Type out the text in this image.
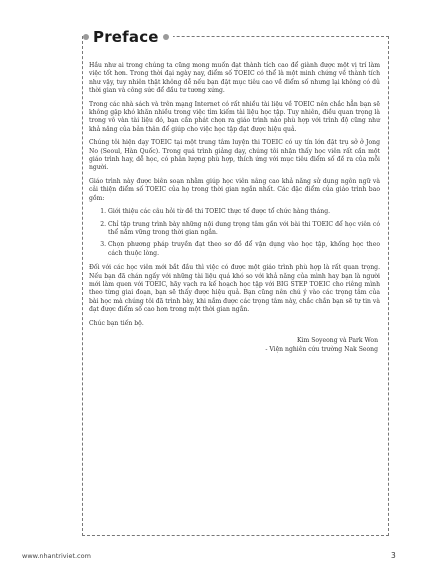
Preface

Hầu như ai trong chúng ta cũng mong muốn đạt thành tích cao để giành được một vị trí làm việc tốt hơn. Trong thời đại ngày nay, điểm số TOEIC có thể là một minh chứng về thành tích như vậy, tuy nhiên thật không dễ nếu bạn đặt mục tiêu cao về điểm số nhưng lại không có đủ thời gian và công sức để đầu tư tương xứng.

Trong các nhà sách và trên mạng Internet có rất nhiều tài liệu về TOEIC nên chắc hẳn bạn sẽ không gặp khó khăn nhiều trong việc tìm kiếm tài liệu học tập. Tuy nhiên, điều quan trọng là trong vô vàn tài liệu đó, bạn cần phát chọn ra giáo trình nào phù hợp với trình độ cũng như khả năng của bản thân để giúp cho việc học tập đạt được hiệu quả.

Chúng tôi hiện dạy TOEIC tại một trung tâm luyện thi TOEIC có uy tín lớn đặt trụ sở ở Jong No (Seoul, Hàn Quốc). Trong quá trình giảng dạy, chúng tôi nhận thấy học viên rất cần một giáo trình hay, dễ học, có phân lượng phù hợp, thích ứng với mục tiêu điểm số đề ra của mỗi người.

Giáo trình này được biên soạn nhằm giúp học viên nâng cao khả năng sử dụng ngôn ngữ và cải thiện điểm số TOEIC của họ trong thời gian ngắn nhất. Các đặc điểm của giáo trình bao gồm:

1. Giới thiệu các câu hỏi từ đề thi TOEIC thực tế được tổ chức hàng tháng.
2. Chỉ tập trung trình bày những nội dung trọng tâm gần với bài thi TOEIC để học viên có thể nắm vững trong thời gian ngắn.
3. Chọn phương pháp truyền đạt theo sơ đồ để vận dụng vào học tập, khống học theo cách thuộc lòng.

Đối với các học viên mới bắt đầu thì việc có được một giáo trình phù hợp là rất quan trọng. Nếu bạn đã chán ngấy với những tài liệu quá khó so với khả năng của mình hay bạn là người mới làm quen với TOEIC, hãy vạch ra kế hoạch học tập với BIG STEP TOEIC cho riêng mình theo từng giai đoạn, bạn sẽ thấy được hiệu quả. Bạn cũng nên chú ý vào các trọng tâm của bài học mà chúng tôi đã trình bày, khi nắm được các trọng tâm này, chắc chắn bạn sẽ tự tin và đạt được điểm số cao hơn trong một thời gian ngắn.

Chúc bạn tiến bộ.

Kim Soyeong và Park Won
- Viện nghiên cứu trường Nak Seong
www.nhantriviet.com	3
